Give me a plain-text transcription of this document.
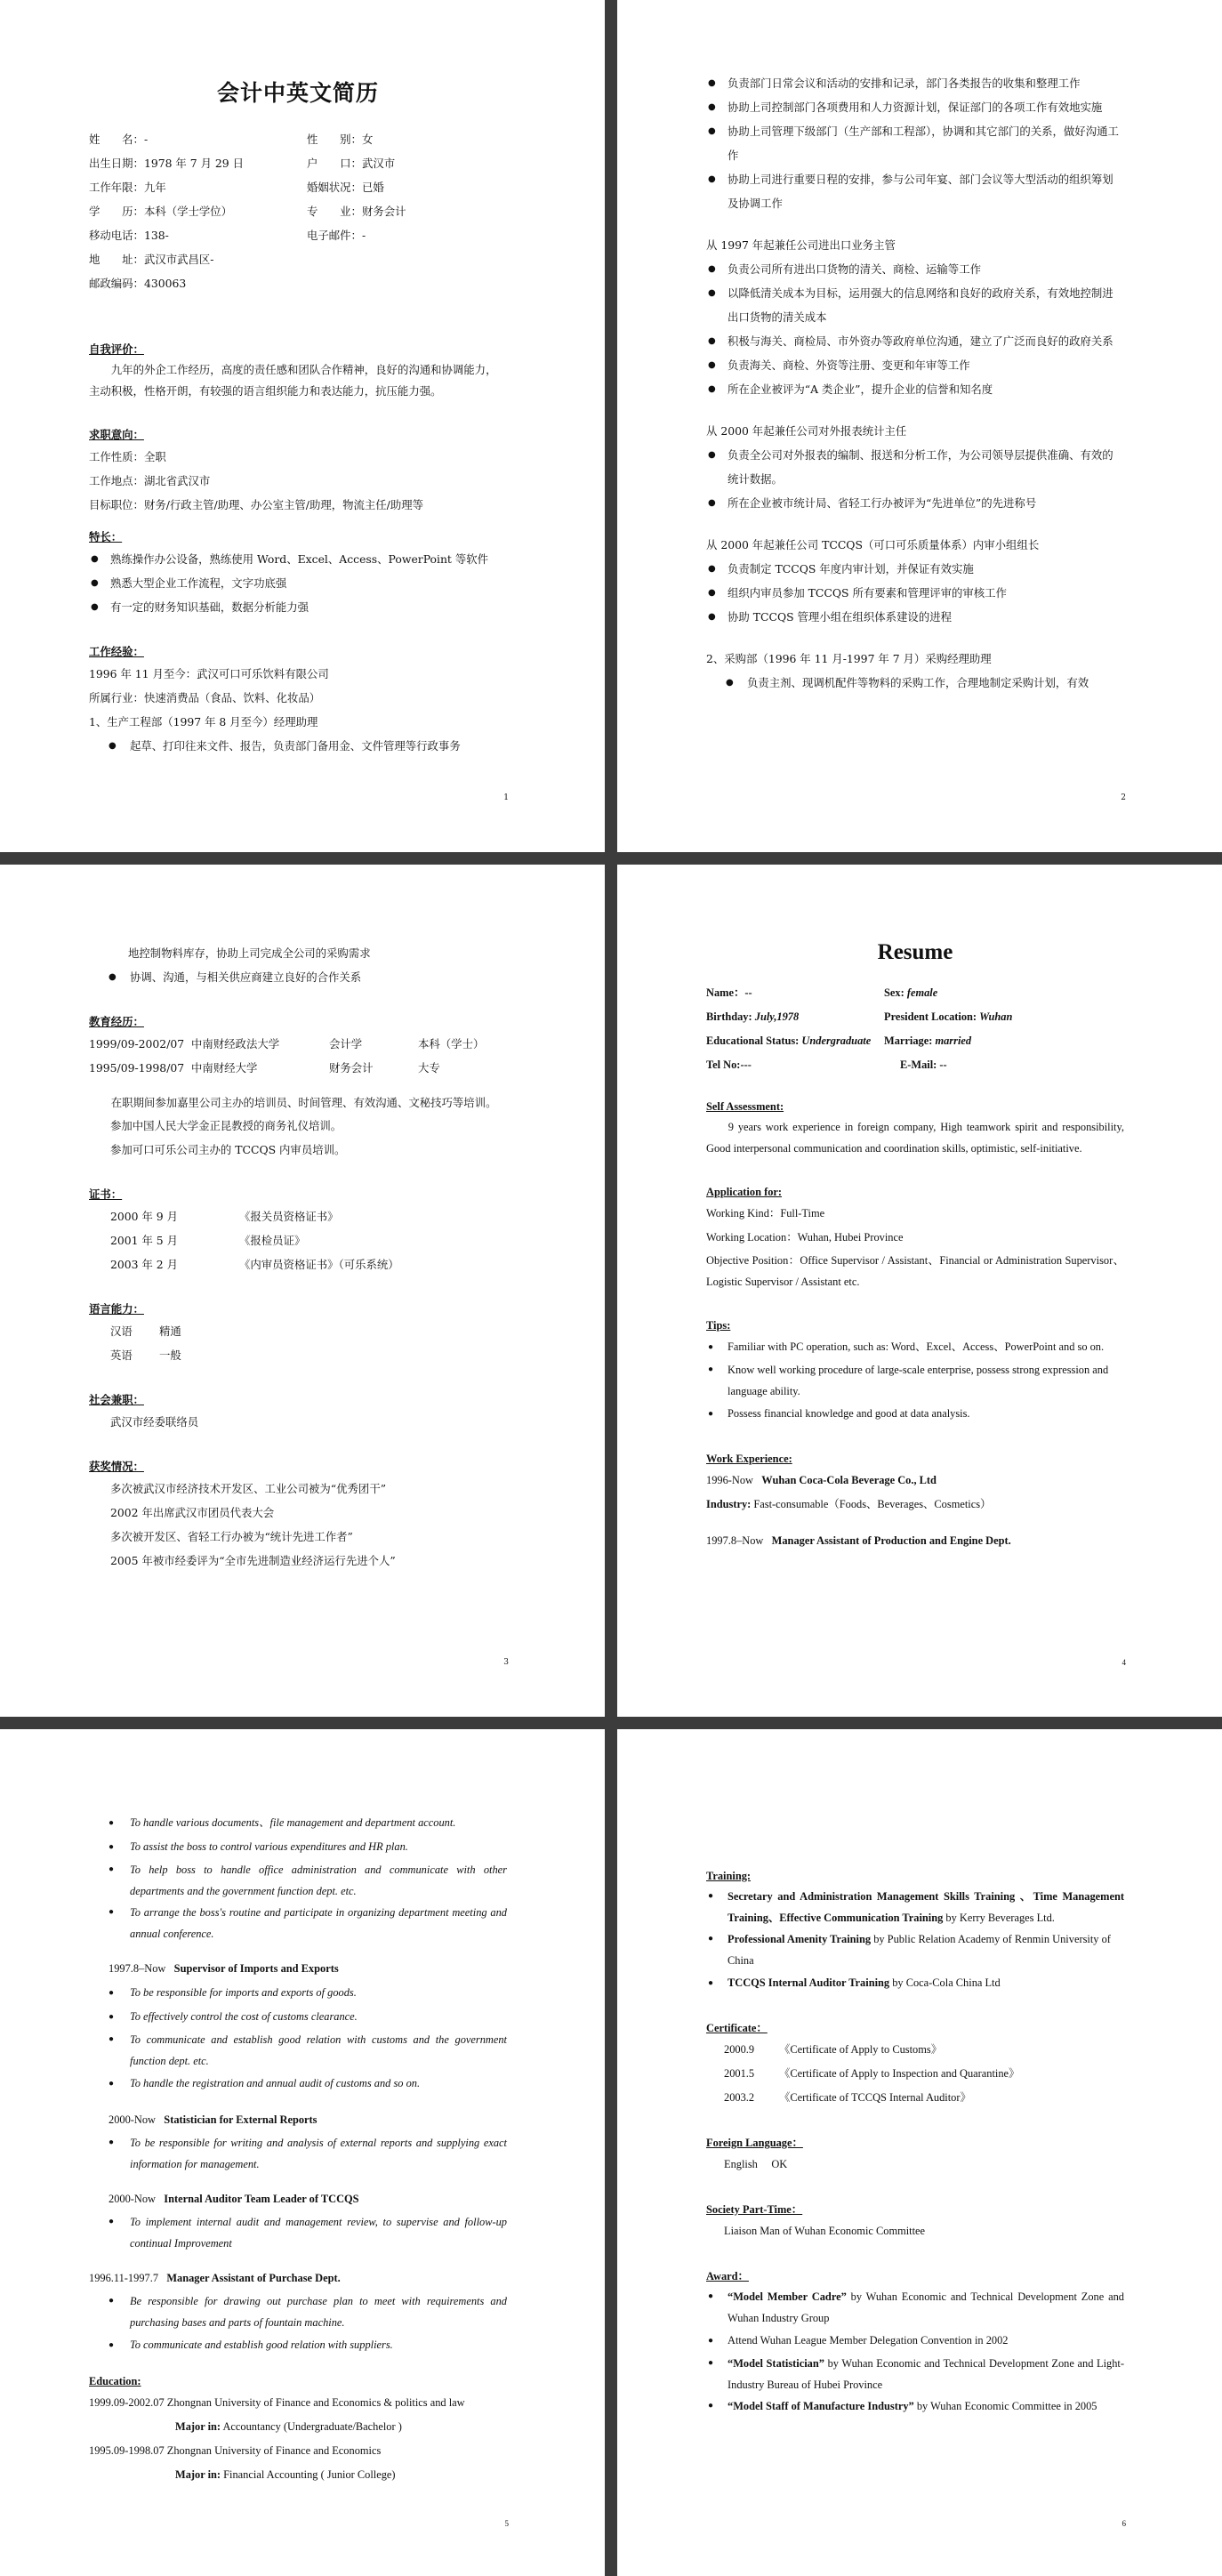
会计中英文简历
姓　　名：-	性　　别：女
出生日期：1978 年 7 月 29 日	户　　口：武汉市
工作年限：九年	婚姻状况：已婚
学　　历：本科（学士学位）	专　　业：财务会计
移动电话：138-	电子邮件：-
地　　址：武汉市武昌区-
邮政编码：430063
自我评价：
九年的外企工作经历，高度的责任感和团队合作精神，良好的沟通和协调能力，主动积极，性格开朗，有较强的语言组织能力和表达能力，抗压能力强。
求职意向：
工作性质：全职
工作地点：湖北省武汉市
目标职位：财务/行政主管/助理、办公室主管/助理，物流主任/助理等
特长：
● 熟练操作办公设备，熟练使用 Word、Excel、Access、PowerPoint 等软件
● 熟悉大型企业工作流程，文字功底强
● 有一定的财务知识基础，数据分析能力强
工作经验：
1996 年 11 月至今：武汉可口可乐饮料有限公司
所属行业：快速消费品（食品、饮料、化妆品）
1、生产工程部（1997 年 8 月至今）经理助理
● 起草、打印往来文件、报告，负责部门备用金、文件管理等行政事务
1
● 负责部门日常会议和活动的安排和记录，部门各类报告的收集和整理工作
● 协助上司控制部门各项费用和人力资源计划，保证部门的各项工作有效地实施
● 协助上司管理下级部门（生产部和工程部），协调和其它部门的关系，做好沟通工作
● 协助上司进行重要日程的安排，参与公司年宴、部门会议等大型活动的组织筹划及协调工作
从 1997 年起兼任公司进出口业务主管
● 负责公司所有进出口货物的清关、商检、运输等工作
● 以降低清关成本为目标，运用强大的信息网络和良好的政府关系，有效地控制进出口货物的清关成本
● 积极与海关、商检局、市外资办等政府单位沟通，建立了广泛而良好的政府关系
● 负责海关、商检、外资等注册、变更和年审等工作
● 所在企业被评为“A 类企业”，提升企业的信誉和知名度
从 2000 年起兼任公司对外报表统计主任
● 负责全公司对外报表的编制、报送和分析工作，为公司领导层提供准确、有效的统计数据。
● 所在企业被市统计局、省轻工行办被评为“先进单位”的先进称号
从 2000 年起兼任公司 TCCQS（可口可乐质量体系）内审小组组长
● 负责制定 TCCQS 年度内审计划，并保证有效实施
● 组织内审员参加 TCCQS 所有要素和管理评审的审核工作
● 协助 TCCQS 管理小组在组织体系建设的进程
2、采购部（1996 年 11 月-1997 年 7 月）采购经理助理
● 负责主剂、现调机配件等物料的采购工作，合理地制定采购计划，有效
2
地控制物料库存，协助上司完成全公司的采购需求
● 协调、沟通，与相关供应商建立良好的合作关系
教育经历：
1999/09-2002/07 中南财经政法大学	会计学	本科（学士）
1995/09-1998/07 中南财经大学	财务会计	大专
在职期间参加嘉里公司主办的培训员、时间管理、有效沟通、文秘技巧等培训。
参加中国人民大学金正昆教授的商务礼仪培训。
参加可口可乐公司主办的 TCCQS 内审员培训。
证书：
2000 年 9 月	《报关员资格证书》
2001 年 5 月	《报检员证》
2003 年 2 月	《内审员资格证书》（可乐系统）
语言能力：
汉语	精通
英语	一般
社会兼职：
武汉市经委联络员
获奖情况：
多次被武汉市经济技术开发区、工业公司被为“优秀团干”
2002 年出席武汉市团员代表大会
多次被开发区、省轻工行办被为“统计先进工作者”
2005 年被市经委评为“全市先进制造业经济运行先进个人”
3
Resume
Name：--	Sex: female
Birthday: July,1978	President Location: Wuhan
Educational Status: Undergraduate	Marriage: married
Tel No:---	E-Mail: --
Self Assessment:
9 years work experience in foreign company, High teamwork spirit and responsibility, Good interpersonal communication and coordination skills, optimistic, self-initiative.
Application for:
Working Kind：Full-Time
Working Location：Wuhan, Hubei Province
Objective Position：Office Supervisor / Assistant、Financial or Administration Supervisor、Logistic Supervisor / Assistant etc.
Tips:
● Familiar with PC operation, such as: Word、Excel、Access、PowerPoint and so on.
● Know well working procedure of large-scale enterprise, possess strong expression and language ability.
● Possess financial knowledge and good at data analysis.
Work Experience:
1996-Now Wuhan Coca-Cola Beverage Co., Ltd
Industry: Fast-consumable（Foods、Beverages、Cosmetics）
1997.8–Now Manager Assistant of Production and Engine Dept.
4
● To handle various documents、file management and department account.
● To assist the boss to control various expenditures and HR plan.
● To help boss to handle office administration and communicate with other departments and the government function dept. etc.
● To arrange the boss's routine and participate in organizing department meeting and annual conference.
1997.8–Now Supervisor of Imports and Exports
● To be responsible for imports and exports of goods.
● To effectively control the cost of customs clearance.
● To communicate and establish good relation with customs and the government function dept. etc.
● To handle the registration and annual audit of customs and so on.
2000-Now Statistician for External Reports
● To be responsible for writing and analysis of external reports and supplying exact information for management.
2000-Now Internal Auditor Team Leader of TCCQS
● To implement internal audit and management review, to supervise and follow-up continual Improvement
1996.11-1997.7 Manager Assistant of Purchase Dept.
● Be responsible for drawing out purchase plan to meet with requirements and purchasing bases and parts of fountain machine.
● To communicate and establish good relation with suppliers.
Education:
1999.09-2002.07 Zhongnan University of Finance and Economics & politics and law
Major in: Accountancy (Undergraduate/Bachelor )
1995.09-1998.07 Zhongnan University of Finance and Economics
Major in: Financial Accounting ( Junior College)
5
Training:
● Secretary and Administration Management Skills Training 、Time Management Training、Effective Communication Training by Kerry Beverages Ltd.
● Professional Amenity Training by Public Relation Academy of Renmin University of China
● TCCQS Internal Auditor Training by Coca-Cola China Ltd
Certificate：
2000.9	《Certificate of Apply to Customs》
2001.5	《Certificate of Apply to Inspection and Quarantine》
2003.2	《Certificate of TCCQS Internal Auditor》
Foreign Language：
English　 OK
Society Part-Time：
Liaison Man of Wuhan Economic Committee
Award：
● “Model Member Cadre” by Wuhan Economic and Technical Development Zone and Wuhan Industry Group
● Attend Wuhan League Member Delegation Convention in 2002
● “Model Statistician” by Wuhan Economic and Technical Development Zone and Light-Industry Bureau of Hubei Province
● “Model Staff of Manufacture Industry” by Wuhan Economic Committee in 2005
6
